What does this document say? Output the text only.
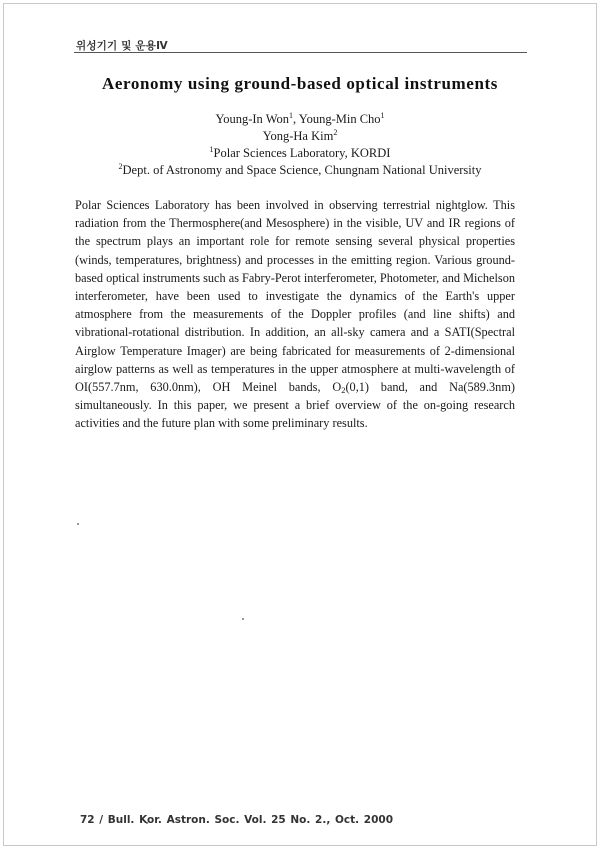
위성기기 및 운용Ⅳ
Aeronomy using ground-based optical instruments
Young-In Won$^1$, Young-Min Cho$^1$
Yong-Ha Kim$^2$
$^1$Polar Sciences Laboratory, KORDI
$^2$Dept. of Astronomy and Space Science, Chungnam National University
Polar Sciences Laboratory has been involved in observing terrestrial nightglow. This radiation from the Thermosphere(and Mesosphere) in the visible, UV and IR regions of the spectrum plays an important role for remote sensing several physical properties (winds, temperatures, brightness) and processes in the emitting region. Various ground-based optical instruments such as Fabry-Perot interferometer, Photometer, and Michelson interferometer, have been used to investigate the dynamics of the Earth's upper atmosphere from the measurements of the Doppler profiles (and line shifts) and vibrational-rotational distribution. In addition, an all-sky camera and a SATI(Spectral Airglow Temperature Imager) are being fabricated for measurements of 2-dimensional airglow patterns as well as temperatures in the upper atmosphere at multi-wavelength of OI(557.7nm, 630.0nm), OH Meinel bands, $O_2(0,1)$ band, and Na(589.3nm) simultaneously. In this paper, we present a brief overview of the on-going research activities and the future plan with some preliminary results.
72 / Bull. Kor. Astron. Soc. Vol. 25 No. 2., Oct. 2000
